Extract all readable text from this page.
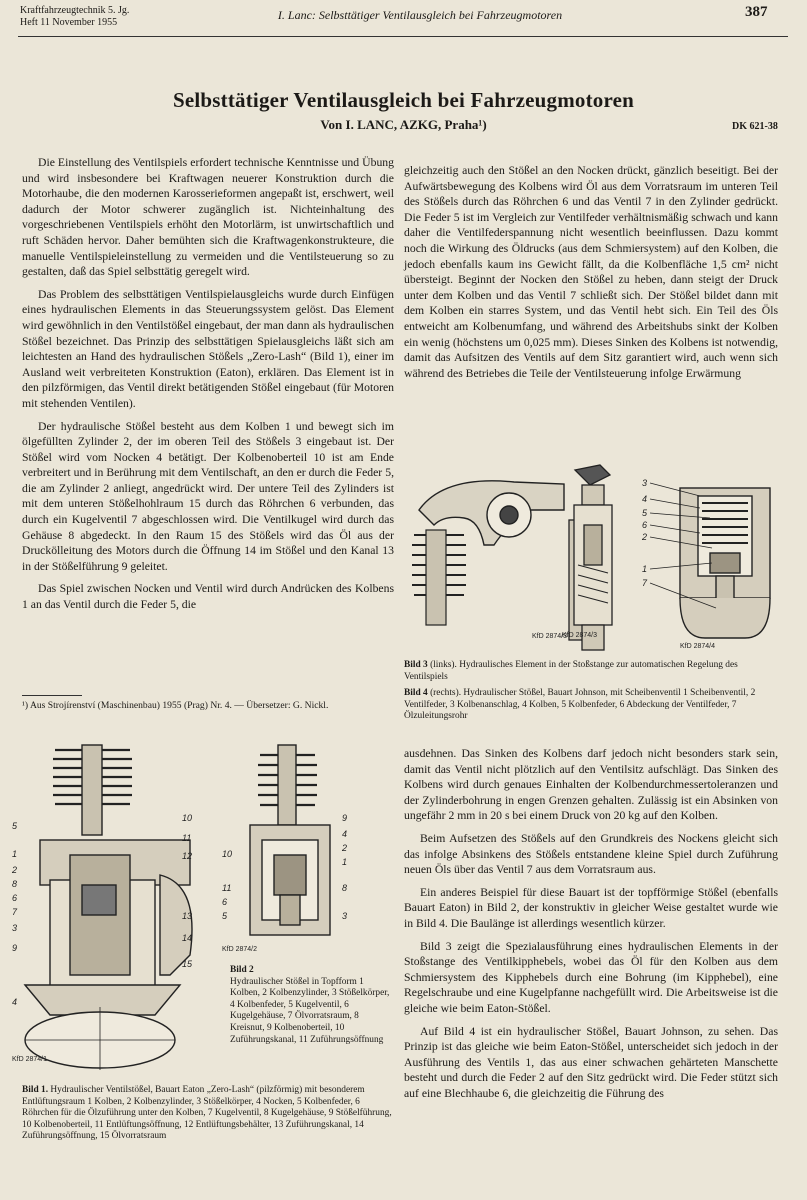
Kraftfahrzeugtechnik 5. Jg.
Heft 11 November 1955
I. Lanc: Selbsttätiger Ventilausgleich bei Fahrzeugmotoren	387
Selbsttätiger Ventilausgleich bei Fahrzeugmotoren
Von I. LANC, AZKG, Praha¹)	DK 621-38

Die Einstellung des Ventilspiels erfordert technische Kenntnisse und Übung und wird insbesondere bei Kraftwagen neuerer Konstruktion durch die Motorhaube, die den modernen Karosserieformen angepaßt ist, erschwert, weil dadurch der Motor schwerer zugänglich ist. Nichteinhaltung des vorgeschriebenen Ventilspiels erhöht den Motorlärm, ist unwirtschaftlich und ruft Schäden hervor. Daher bemühten sich die Kraftwagenkonstrukteure, die manuelle Ventilspieleinstellung zu vermeiden und die Ventilsteuerung so zu gestalten, daß das Spiel selbsttätig geregelt wird.

Das Problem des selbsttätigen Ventilspielausgleichs wurde durch Einfügen eines hydraulischen Elements in das Steuerungssystem gelöst. Das Element wird gewöhnlich in den Ventilstößel eingebaut, der man dann als hydraulischen Stößel bezeichnet. Das Prinzip des selbsttätigen Spielausgleichs läßt sich am leichtesten an Hand des hydraulischen Stößels „Zero-Lash“ (Bild 1), einer im Ausland weit verbreiteten Konstruktion (Eaton), erklären. Das Element ist in den pilzförmigen, das Ventil direkt betätigenden Stößel eingebaut (für Motoren mit stehenden Ventilen).

Der hydraulische Stößel besteht aus dem Kolben 1 und bewegt sich im ölgefüllten Zylinder 2, der im oberen Teil des Stößels 3 eingebaut ist. Der Stößel wird vom Nocken 4 betätigt. Der Kolbenoberteil 10 ist am Ende verbreitert und in Berührung mit dem Ventilschaft, an den er durch die Feder 5, die am Zylinder 2 anliegt, angedrückt wird. Der untere Teil des Zylinders ist mit dem unteren Stößelhohlraum 15 durch das Röhrchen 6 verbunden, das durch ein Kugelventil 7 abgeschlossen wird. Die Ventilkugel wird durch das Gehäuse 8 abgedeckt. In den Raum 15 des Stößels wird das Öl aus der Druckölleitung des Motors durch die Öffnung 14 im Stößel und den Kanal 13 in der Stößelführung 9 geleitet.

Das Spiel zwischen Nocken und Ventil wird durch Andrücken des Kolbens 1 an das Ventil durch die Feder 5, die

¹) Aus Strojírenství (Maschinenbau) 1955 (Prag) Nr. 4. — Übersetzer: G. Nickl.

gleichzeitig auch den Stößel an den Nocken drückt, gänzlich beseitigt. Bei der Aufwärtsbewegung des Kolbens wird Öl aus dem Vorratsraum im unteren Teil des Stößels durch das Röhrchen 6 und das Ventil 7 in den Zylinder gedrückt. Die Feder 5 ist im Vergleich zur Ventilfeder verhältnismäßig schwach und kann daher die Ventilfederspannung nicht wesentlich beeinflussen. Dazu kommt noch die Wirkung des Öldrucks (aus dem Schmiersystem) auf den Kolben, die jedoch ebenfalls kaum ins Gewicht fällt, da die Kolbenfläche 1,5 cm² nicht übersteigt. Beginnt der Nocken den Stößel zu heben, dann steigt der Druck unter dem Kolben und das Ventil 7 schließt sich. Der Stößel bildet dann mit dem Kolben ein starres System, und das Ventil hebt sich. Ein Teil des Öls entweicht am Kolbenumfang, und während des Arbeitshubs sinkt der Kolben ein wenig (höchstens um 0,025 mm). Dieses Sinken des Kolbens ist notwendig, damit das Aufsitzen des Ventils auf dem Sitz garantiert wird, auch wenn sich während des Betriebes die Teile der Ventilsteuerung infolge Erwärmung

KfD 2874/3
KfD 2874/3
3
4
5
6
2
1
7
KfD 2874/4
Bild 3 (links). Hydraulisches Element in der Stoßstange zur automatischen Regelung des Ventilspiels
Bild 4 (rechts). Hydraulischer Stößel, Bauart Johnson, mit Scheibenventil 1 Scheibenventil, 2 Ventilfeder, 3 Kolbenanschlag, 4 Kolben, 5 Kolbenfeder, 6 Abdeckung der Ventilfeder, 7 Ölzuleitungsrohr

ausdehnen. Das Sinken des Kolbens darf jedoch nicht besonders stark sein, damit das Ventil nicht plötzlich auf den Ventilsitz aufschlägt. Das Sinken des Kolbens wird durch genaues Einhalten der Kolbendurchmessertoleranzen und der Zylinderbohrung in engen Grenzen gehalten. Zulässig ist ein Absinken von ungefähr 2 mm in 20 s bei einem Druck von 20 kg auf den Kolben.

Beim Aufsetzen des Stößels auf den Grundkreis des Nockens gleicht sich das infolge Absinkens des Stößels entstandene kleine Spiel durch Zuführung neuen Öls über das Ventil 7 aus dem Vorratsraum aus.

Ein anderes Beispiel für diese Bauart ist der topfförmige Stößel (ebenfalls Bauart Eaton) in Bild 2, der konstruktiv in gleicher Weise gestaltet wurde wie in Bild 4. Die Baulänge ist allerdings wesentlich kürzer.

Bild 3 zeigt die Spezialausführung eines hydraulischen Elements in der Stoßstange des Ventilkipphebels, wobei das Öl für den Kolben aus dem Schmiersystem des Kipphebels durch eine Bohrung (im Kipphebel), eine Regelschraube und eine Kugelpfanne nachgefüllt wird. Die Arbeitsweise ist die gleiche wie beim Eaton-Stößel.

Auf Bild 4 ist ein hydraulischer Stößel, Bauart Johnson, zu sehen. Das Prinzip ist das gleiche wie beim Eaton-Stößel, unterscheidet sich jedoch in der Ausführung des Ventils 1, das aus einer schwachen gehärteten Manschette besteht und durch die Feder 2 auf den Sitz gedrückt wird. Die Feder stützt sich auf eine Blechhaube 6, die gleichzeitig die Führung des

5
10
1
11
2
12
8
6
7
3
13
14
9
15
4
KfD 2874/1
9
4
2
1
10
11
6
5
8
3
KfD 2874/2
Bild 2
Hydraulischer Stößel in Topfform 1 Kolben, 2 Kolbenzylinder, 3 Stößelkörper, 4 Kolbenfeder, 5 Kugelventil, 6 Kugelgehäuse, 7 Ölvorratsraum, 8 Kreisnut, 9 Kolbenoberteil, 10 Zuführungskanal, 11 Zuführungsöffnung
Bild 1. Hydraulischer Ventilstößel, Bauart Eaton „Zero-Lash“ (pilzförmig) mit besonderem Entlüftungsraum 1 Kolben, 2 Kolbenzylinder, 3 Stößelkörper, 4 Nocken, 5 Kolbenfeder, 6 Röhrchen für die Ölzuführung unter den Kolben, 7 Kugelventil, 8 Kugelgehäuse, 9 Stößelführung, 10 Kolbenoberteil, 11 Entlüftungsöffnung, 12 Entlüftungsbehälter, 13 Zuführungskanal, 14 Zuführungsöffnung, 15 Ölvorratsraum
